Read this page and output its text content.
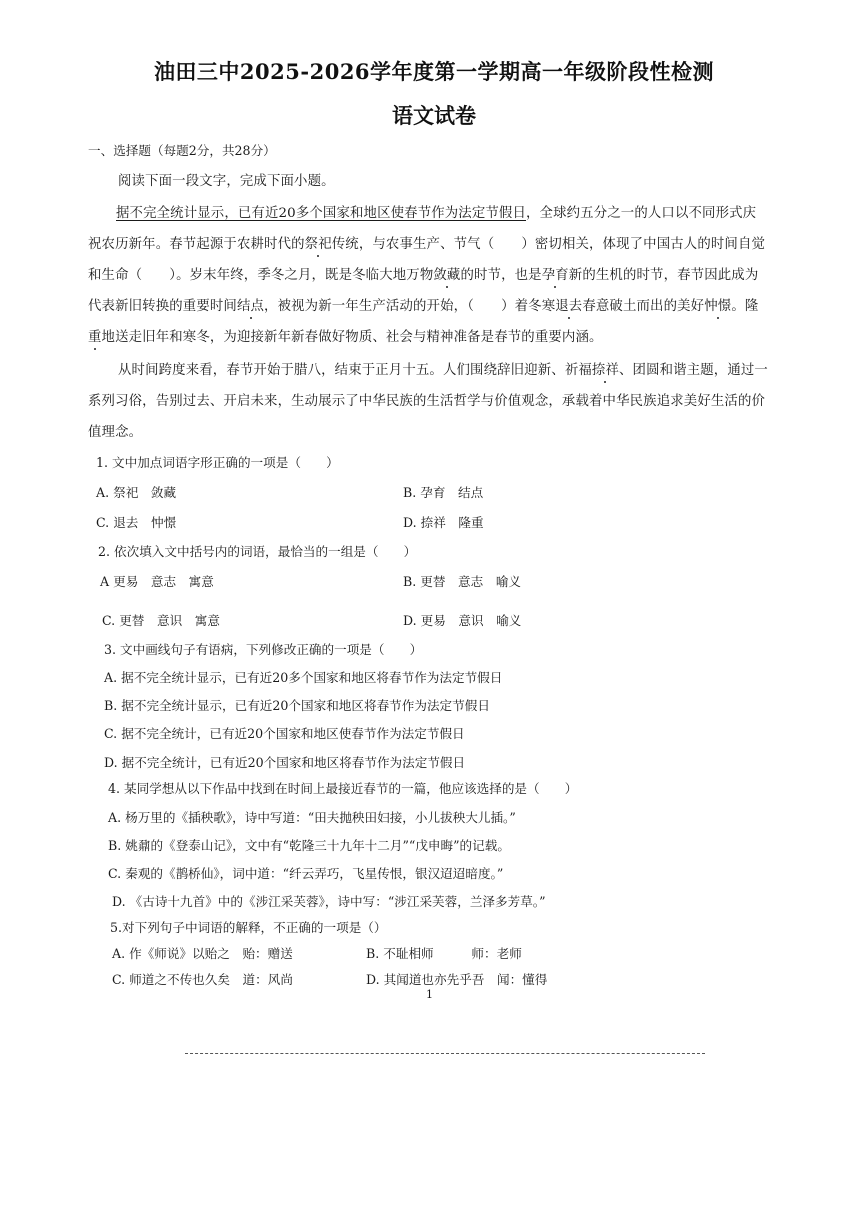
油田三中2025-2026学年度第一学期高一年级阶段性检测
语文试卷
一、选择题（每题2分，共28分）
阅读下面一段文字，完成下面小题。
据不完全统计显示，已有近20多个国家和地区使春节作为法定节假日，全球约五分之一的人口以不同形式庆
祝农历新年。春节起源于农耕时代的祭祀传统，与农事生产、节气（　　）密切相关，体现了中国古人的时间自觉
和生命（　　）。岁末年终，季冬之月，既是冬临大地万物敛藏的时节，也是孕育新的生机的时节，春节因此成为
代表新旧转换的重要时间结点，被视为新一年生产活动的开始，（　　）着冬寒退去春意破土而出的美好忡憬。隆
重地送走旧年和寒冬，为迎接新年新春做好物质、社会与精神准备是春节的重要内涵。
从时间跨度来看，春节开始于腊八，结束于正月十五。人们围绕辞旧迎新、祈福捺祥、团圆和谐主题，通过一
系列习俗，告别过去、开启未来，生动展示了中华民族的生活哲学与价值观念，承载着中华民族追求美好生活的价
值理念。
1. 文中加点词语字形正确的一项是（　　）
A. 祭祀　敛藏	B. 孕育　结点
C. 退去　忡憬	D. 捺祥　隆重
2. 依次填入文中括号内的词语，最恰当的一组是（　　）
A 更易　意志　寓意	B. 更替　意志　喻义
C. 更替　意识　寓意	D. 更易　意识　喻义
3. 文中画线句子有语病，下列修改正确的一项是（　　）
A. 据不完全统计显示，已有近20多个国家和地区将春节作为法定节假日
B. 据不完全统计显示，已有近20个国家和地区将春节作为法定节假日
C. 据不完全统计，已有近20个国家和地区使春节作为法定节假日
D. 据不完全统计，已有近20个国家和地区将春节作为法定节假日
4. 某同学想从以下作品中找到在时间上最接近春节的一篇，他应该选择的是（　　）
A. 杨万里的《插秧歌》，诗中写道：“田夫抛秧田妇接，小儿拔秧大儿插。”
B. 姚鼐的《登泰山记》，文中有“乾隆三十九年十二月”“戊申晦”的记载。
C. 秦观的《鹊桥仙》，词中道：“纤云弄巧，飞星传恨，银汉迢迢暗度。”
D. 《古诗十九首》中的《涉江采芙蓉》，诗中写：“涉江采芙蓉，兰泽多芳草。”
5.对下列句子中词语的解释，不正确的一项是（）
A. 作《师说》以贻之　贻：赠送	B. 不耻相师　　　师：老师
C. 师道之不传也久矣　道：风尚	D. 其闻道也亦先乎吾　闻：懂得
1
